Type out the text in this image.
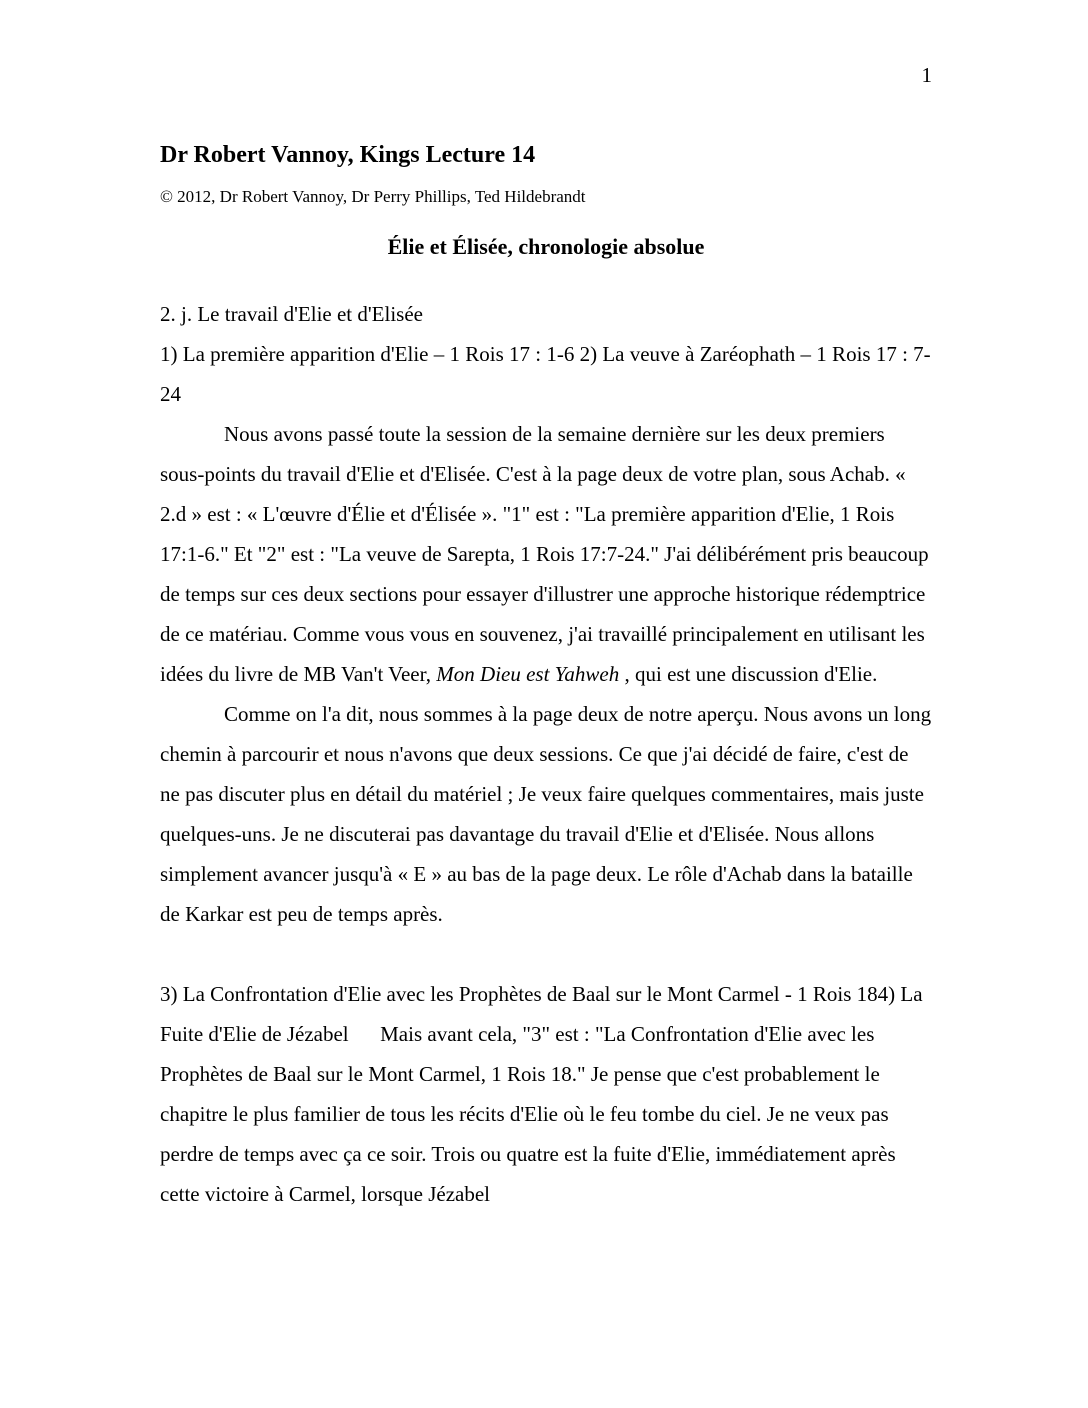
1
Dr Robert Vannoy, Kings Lecture 14
© 2012, Dr Robert Vannoy, Dr Perry Phillips, Ted Hildebrandt
Élie et Élisée, chronologie absolue

2. j. Le travail d'Elie et d'Elisée

1) La première apparition d'Elie – 1 Rois 17 : 1-6 2) La veuve à Zaréophath – 1 Rois 17 : 7-24

Nous avons passé toute la session de la semaine dernière sur les deux premiers sous-points du travail d'Elie et d'Elisée. C'est à la page deux de votre plan, sous Achab. « 2.d » est : « L'œuvre d'Élie et d'Élisée ». "1" est : "La première apparition d'Elie, 1 Rois 17:1-6." Et "2" est : "La veuve de Sarepta, 1 Rois 17:7-24." J'ai délibérément pris beaucoup de temps sur ces deux sections pour essayer d'illustrer une approche historique rédemptrice de ce matériau. Comme vous vous en souvenez, j'ai travaillé principalement en utilisant les idées du livre de MB Van't Veer, Mon Dieu est Yahweh , qui est une discussion d'Elie.

Comme on l'a dit, nous sommes à la page deux de notre aperçu. Nous avons un long chemin à parcourir et nous n'avons que deux sessions. Ce que j'ai décidé de faire, c'est de ne pas discuter plus en détail du matériel ; Je veux faire quelques commentaires, mais juste quelques-uns. Je ne discuterai pas davantage du travail d'Elie et d'Elisée. Nous allons simplement avancer jusqu'à « E » au bas de la page deux. Le rôle d'Achab dans la bataille de Karkar est peu de temps après.

3) La Confrontation d'Elie avec les Prophètes de Baal sur le Mont Carmel - 1 Rois 184) La Fuite d'Elie de Jézabel      Mais avant cela, "3" est : "La Confrontation d'Elie avec les Prophètes de Baal sur le Mont Carmel, 1 Rois 18." Je pense que c'est probablement le chapitre le plus familier de tous les récits d'Elie où le feu tombe du ciel. Je ne veux pas perdre de temps avec ça ce soir. Trois ou quatre est la fuite d'Elie, immédiatement après cette victoire à Carmel, lorsque Jézabel
